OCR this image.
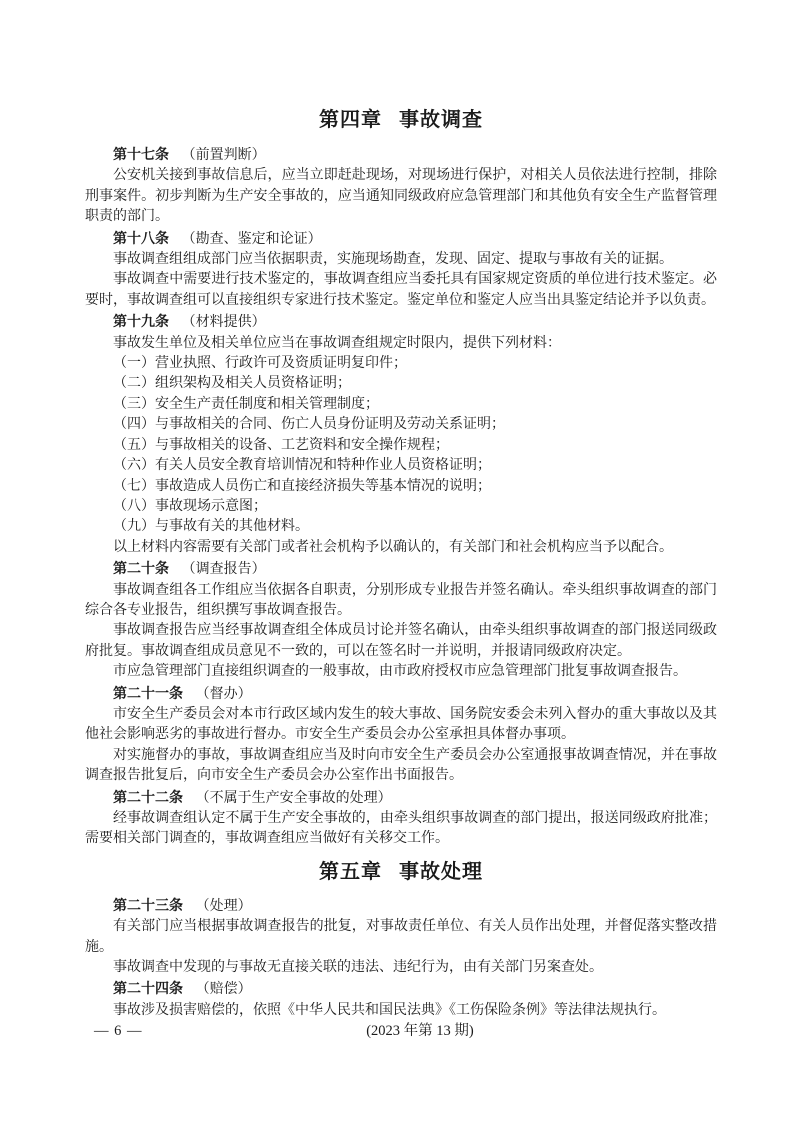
第四章 事故调查

第十七条 （前置判断）

公安机关接到事故信息后，应当立即赶赴现场，对现场进行保护，对相关人员依法进行控制，排除刑事案件。初步判断为生产安全事故的，应当通知同级政府应急管理部门和其他负有安全生产监督管理职责的部门。

第十八条 （勘查、鉴定和论证）

事故调查组组成部门应当依据职责，实施现场勘查，发现、固定、提取与事故有关的证据。

事故调查中需要进行技术鉴定的，事故调查组应当委托具有国家规定资质的单位进行技术鉴定。必要时，事故调查组可以直接组织专家进行技术鉴定。鉴定单位和鉴定人应当出具鉴定结论并予以负责。

第十九条 （材料提供）

事故发生单位及相关单位应当在事故调查组规定时限内，提供下列材料：

（一）营业执照、行政许可及资质证明复印件；

（二）组织架构及相关人员资格证明；

（三）安全生产责任制度和相关管理制度；

（四）与事故相关的合同、伤亡人员身份证明及劳动关系证明；

（五）与事故相关的设备、工艺资料和安全操作规程；

（六）有关人员安全教育培训情况和特种作业人员资格证明；

（七）事故造成人员伤亡和直接经济损失等基本情况的说明；

（八）事故现场示意图；

（九）与事故有关的其他材料。

以上材料内容需要有关部门或者社会机构予以确认的，有关部门和社会机构应当予以配合。

第二十条 （调查报告）

事故调查组各工作组应当依据各自职责，分别形成专业报告并签名确认。牵头组织事故调查的部门综合各专业报告，组织撰写事故调查报告。

事故调查报告应当经事故调查组全体成员讨论并签名确认，由牵头组织事故调查的部门报送同级政府批复。事故调查组成员意见不一致的，可以在签名时一并说明，并报请同级政府决定。

市应急管理部门直接组织调查的一般事故，由市政府授权市应急管理部门批复事故调查报告。

第二十一条 （督办）

市安全生产委员会对本市行政区域内发生的较大事故、国务院安委会未列入督办的重大事故以及其他社会影响恶劣的事故进行督办。市安全生产委员会办公室承担具体督办事项。

对实施督办的事故，事故调查组应当及时向市安全生产委员会办公室通报事故调查情况，并在事故调查报告批复后，向市安全生产委员会办公室作出书面报告。

第二十二条 （不属于生产安全事故的处理）

经事故调查组认定不属于生产安全事故的，由牵头组织事故调查的部门提出，报送同级政府批准；需要相关部门调查的，事故调查组应当做好有关移交工作。

第五章 事故处理

第二十三条 （处理）

有关部门应当根据事故调查报告的批复，对事故责任单位、有关人员作出处理，并督促落实整改措施。

事故调查中发现的与事故无直接关联的违法、违纪行为，由有关部门另案查处。

第二十四条 （赔偿）

事故涉及损害赔偿的，依照《中华人民共和国民法典》《工伤保险条例》等法律法规执行。

— 6 —	(2023 年第 13 期)
